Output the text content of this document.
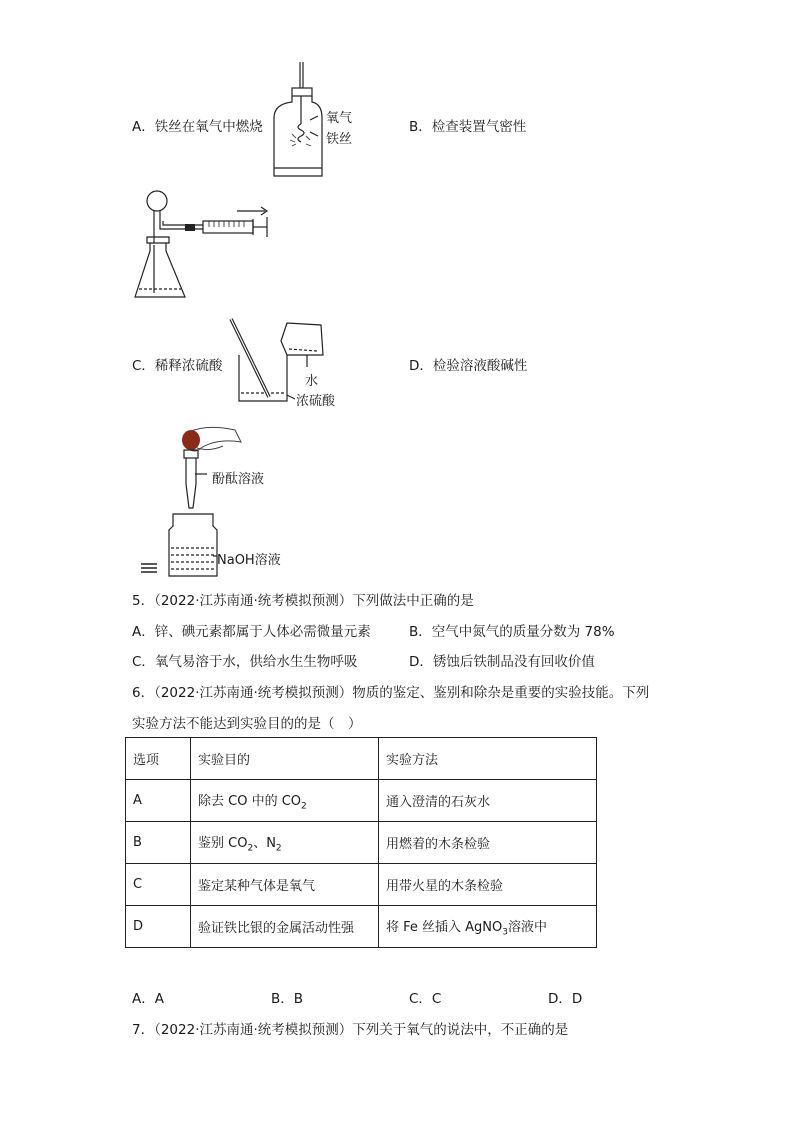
A．铁丝在氧气中燃烧
氧气
铁丝
B．检查装置气密性
C．稀释浓硫酸
水
浓硫酸
D．检验溶液酸碱性
酚酞溶液
NaOH溶液
5．（2022·江苏南通·统考模拟预测）下列做法中正确的是
A．锌、碘元素都属于人体必需微量元素	B．空气中氮气的质量分数为 78%
C．氧气易溶于水，供给水生生物呼吸	D．锈蚀后铁制品没有回收价值
6．（2022·江苏南通·统考模拟预测）物质的鉴定、鉴别和除杂是重要的实验技能。下列
实验方法不能达到实验目的的是（　）
选项	实验目的	实验方法
A	除去 CO 中的 $CO_2$	通入澄清的石灰水
B	鉴别 $CO_2$、$N_2$	用燃着的木条检验
C	鉴定某种气体是氧气	用带火星的木条检验
D	验证铁比银的金属活动性强	将 Fe 丝插入 AgNO$_3$溶液中
A．A	B．B	C．C	D．D
7．（2022·江苏南通·统考模拟预测）下列关于氧气的说法中，不正确的是
